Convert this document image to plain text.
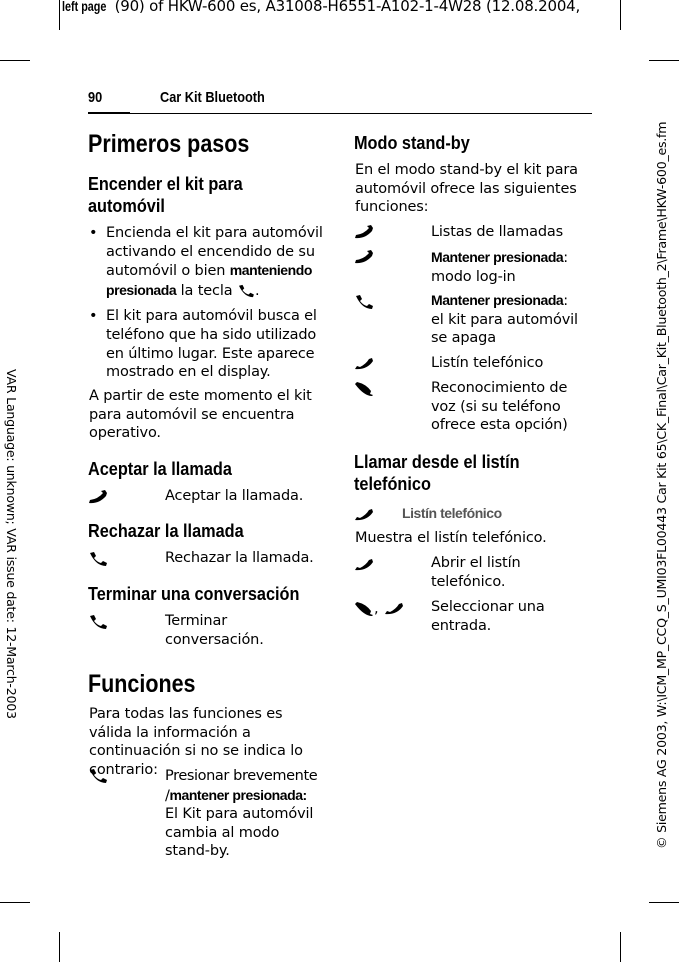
left page (90) of HKW-600 es, A31008-H6551-A102-1-4W28 (12.08.2004,
VAR Language: unknown; VAR issue date: 12-March-2003	© Siemens AG 2003, W:\ICM_MP_CCQ_S_UMI03FL00443 Car Kit 65\CK_Final\Car_Kit_Bluetooth_2\Frame\HKW-600_es.fm
90	Car Kit Bluetooth
Primeros pasos
Encender el kit para automóvil
• Encienda el kit para automóvil activando el encendido de su automóvil o bien manteniendo presionada la tecla .
• El kit para automóvil busca el teléfono que ha sido utilizado en último lugar. Este aparece mostrado en el display.
A partir de este momento el kit para automóvil se encuentra operativo.
Aceptar la llamada
Aceptar la llamada.
Rechazar la llamada
Rechazar la llamada.
Terminar una conversación
Terminar conversación.
Funciones
Para todas las funciones es válida la información a continuación si no se indica lo contrario: Presionar brevemente /mantener presionada:
El Kit para automóvil cambia al modo stand-by.
Modo stand-by
En el modo stand-by el kit para automóvil ofrece las siguientes funciones:
Listas de llamadas
Mantener presionada:
modo log-in
Mantener presionada:
el kit para automóvil se apaga
Listín telefónico
Reconocimiento de voz (si su teléfono ofrece esta opción)
Llamar desde el listín telefónico
Listín telefónico
Muestra el listín telefónico.
Abrir el listín telefónico.
,	Seleccionar una entrada.
